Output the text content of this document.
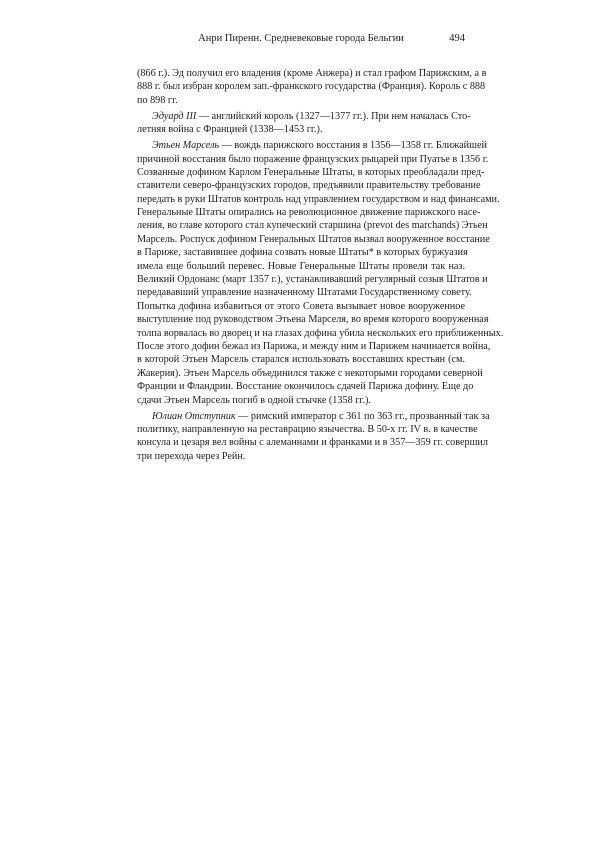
Анри Пиренн. Средневековые города Бельгии	494
(866 г.). Эд получил его владения (кроме Анжера) и стал графом Парижским, а в
888 г. был избран королем зап.-франкского государства (Франция). Король с 888
по 898 гг.
Эдуард III — английский король (1327—1377 гг.). При нем началась Сто-
летняя война с Францией (1338—1453 гг.).
Этьен Марсель — вождь парижского восстания в 1356—1358 гг. Ближайшей
причиной восстания было поражение французских рыцарей при Пуатье в 1356 г.
Созванные дофином Карлом Генеральные Штаты, в которых преобладали пред-
ставители северо-французских городов, предъявили правительству требование
передать в руки Штатов контроль над управлением государством и над финансами.
Генеральные Штаты опирались на революционное движение парижского насе-
ления, во главе которого стал купеческий старшина (prevot des marchands) Этьен
Марсель. Роспуск дофином Генеральных Штатов вызвал вооруженное восстание
в Париже, заставившее дофина созвать новые Штаты* в которых буржуазия
имела еще больший перевес. Новые Генеральные Штаты провели так наз.
Великий Ордонанс (март 1357 г.), устанавливавший регулярный созыв Штатов и
передававший управление назначенному Штатами Государственному совету.
Попытка дофина избавиться от этого Совета вызывает новое вооруженное
выступление под руководством Этьена Марселя, во время которого вооруженная
толпа ворвалась во дворец и на глазах дофина убила нескольких его приближенных.
После этого дофин бежал из Парижа, и между ним и Парижем начинается война,
в которой Этьен Марсель старался использовать восставших крестьян (см.
Жакерия). Этьен Марсель объединился также с некоторыми городами северной
Франции и Фландрии. Восстание окончилось сдачей Парижа дофину. Еще до
сдачи Этьен Марсель погиб в одной стычке (1358 гг.).
Юлиан Отступник — римский император с 361 по 363 гг., прозванный так за
политику, направленную на реставрацию язычества. В 50-х гг. IV в. в качестве
консула и цезаря вел войны с алеманнами и франками и в 357—359 гг. совершил
три перехода через Рейн.
